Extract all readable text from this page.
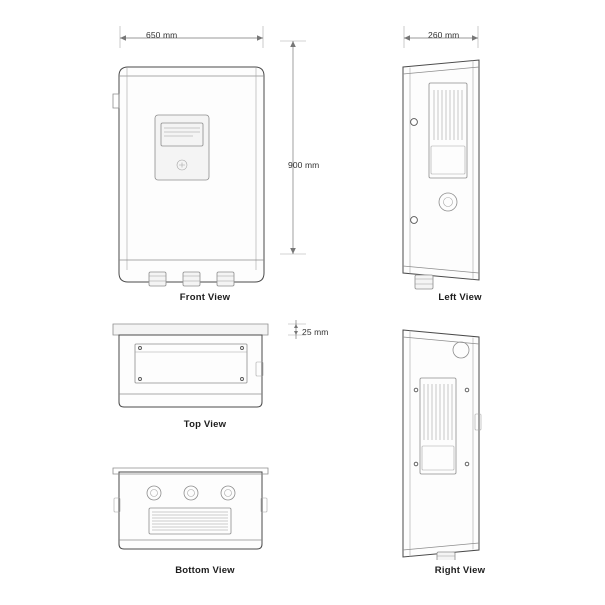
650 mm
900 mm
Front View
260 mm
Left View
25 mm
Top View
Bottom View	Right View
